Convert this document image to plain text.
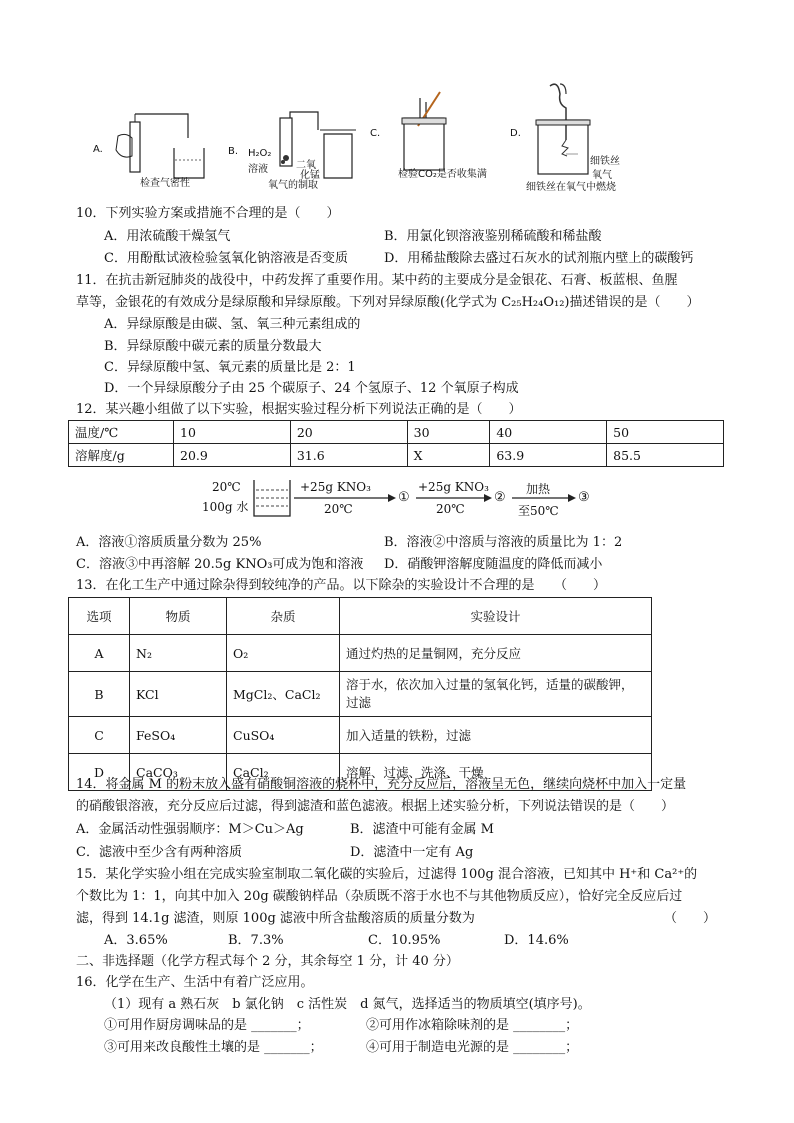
A.
检查气密性
B. H₂O₂
溶液	二氧
化锰
氧气的制取
C.
检验CO₂是否收集满
D.
细铁丝
氧气
细铁丝在氧气中燃烧
10．下列实验方案或措施不合理的是（　　）
A．用浓硫酸干燥氢气	B．用氯化钡溶液鉴别稀硫酸和稀盐酸
C．用酚酞试液检验氢氧化钠溶液是否变质	D．用稀盐酸除去盛过石灰水的试剂瓶内壁上的碳酸钙
11．在抗击新冠肺炎的战役中，中药发挥了重要作用。某中药的主要成分是金银花、石膏、板蓝根、鱼腥
草等，金银花的有效成分是绿原酸和异绿原酸。下列对异绿原酸(化学式为 C₂₅H₂₄O₁₂)描述错误的是（　　）
A．异绿原酸是由碳、氢、氧三种元素组成的
B．异绿原酸中碳元素的质量分数最大
C．异绿原酸中氢、氧元素的质量比是 2：1
D．一个异绿原酸分子由 25 个碳原子、24 个氢原子、12 个氧原子构成
12．某兴趣小组做了以下实验，根据实验过程分析下列说法正确的是（　　）
温度/℃	10	20	30	40	50
溶解度/g	20.9	31.6	X	63.9	85.5
20℃
100g 水
+25g KNO₃
20℃
①
+25g KNO₃
20℃
②
加热
至50℃
③
A．溶液①溶质质量分数为 25%	B．溶液②中溶质与溶液的质量比为 1：2
C．溶液③中再溶解 20.5g KNO₃可成为饱和溶液 D．硝酸钾溶解度随温度的降低而减小
13．在化工生产中通过除杂得到较纯净的产品。以下除杂的实验设计不合理的是　　（　　）
选项	物质	杂质	实验设计
A	N₂	O₂	通过灼热的足量铜网，充分反应
B	KCl	MgCl₂、CaCl₂	溶于水，依次加入过量的氢氧化钙，适量的碳酸钾，过滤
C	FeSO₄	CuSO₄	加入适量的铁粉，过滤
D	CaCO₃	CaCl₂	溶解、过滤、洗涤、干燥
14．将金属 M 的粉末放入盛有硝酸铜溶液的烧杯中，充分反应后，溶液呈无色，继续向烧杯中加入一定量
的硝酸银溶液，充分反应后过滤，得到滤渣和蓝色滤液。根据上述实验分析，下列说法错误的是（　　）
A．金属活动性强弱顺序：M＞Cu＞Ag	B．滤渣中可能有金属 M
C．滤液中至少含有两种溶质	D．滤渣中一定有 Ag
15．某化学实验小组在完成实验室制取二氧化碳的实验后，过滤得 100g 混合溶液，已知其中 H⁺和 Ca²⁺的
个数比为 1：1，向其中加入 20g 碳酸钠样品（杂质既不溶于水也不与其他物质反应），恰好完全反应后过
滤，得到 14.1g 滤渣，则原 100g 滤液中所含盐酸溶质的质量分数为	（　　）
A．3.65%	B．7.3%	C．10.95%	D．14.6%
二、非选择题（化学方程式每个 2 分，其余每空 1 分，计 40 分）
16．化学在生产、生活中有着广泛应用。
（1）现有 a 熟石灰　b 氯化钠　c 活性炭　d 氮气，选择适当的物质填空(填序号)。
①可用作厨房调味品的是 _______；	②可用作冰箱除味剂的是 ________；
③可用来改良酸性土壤的是 _______；	④可用于制造电光源的是 ________；
